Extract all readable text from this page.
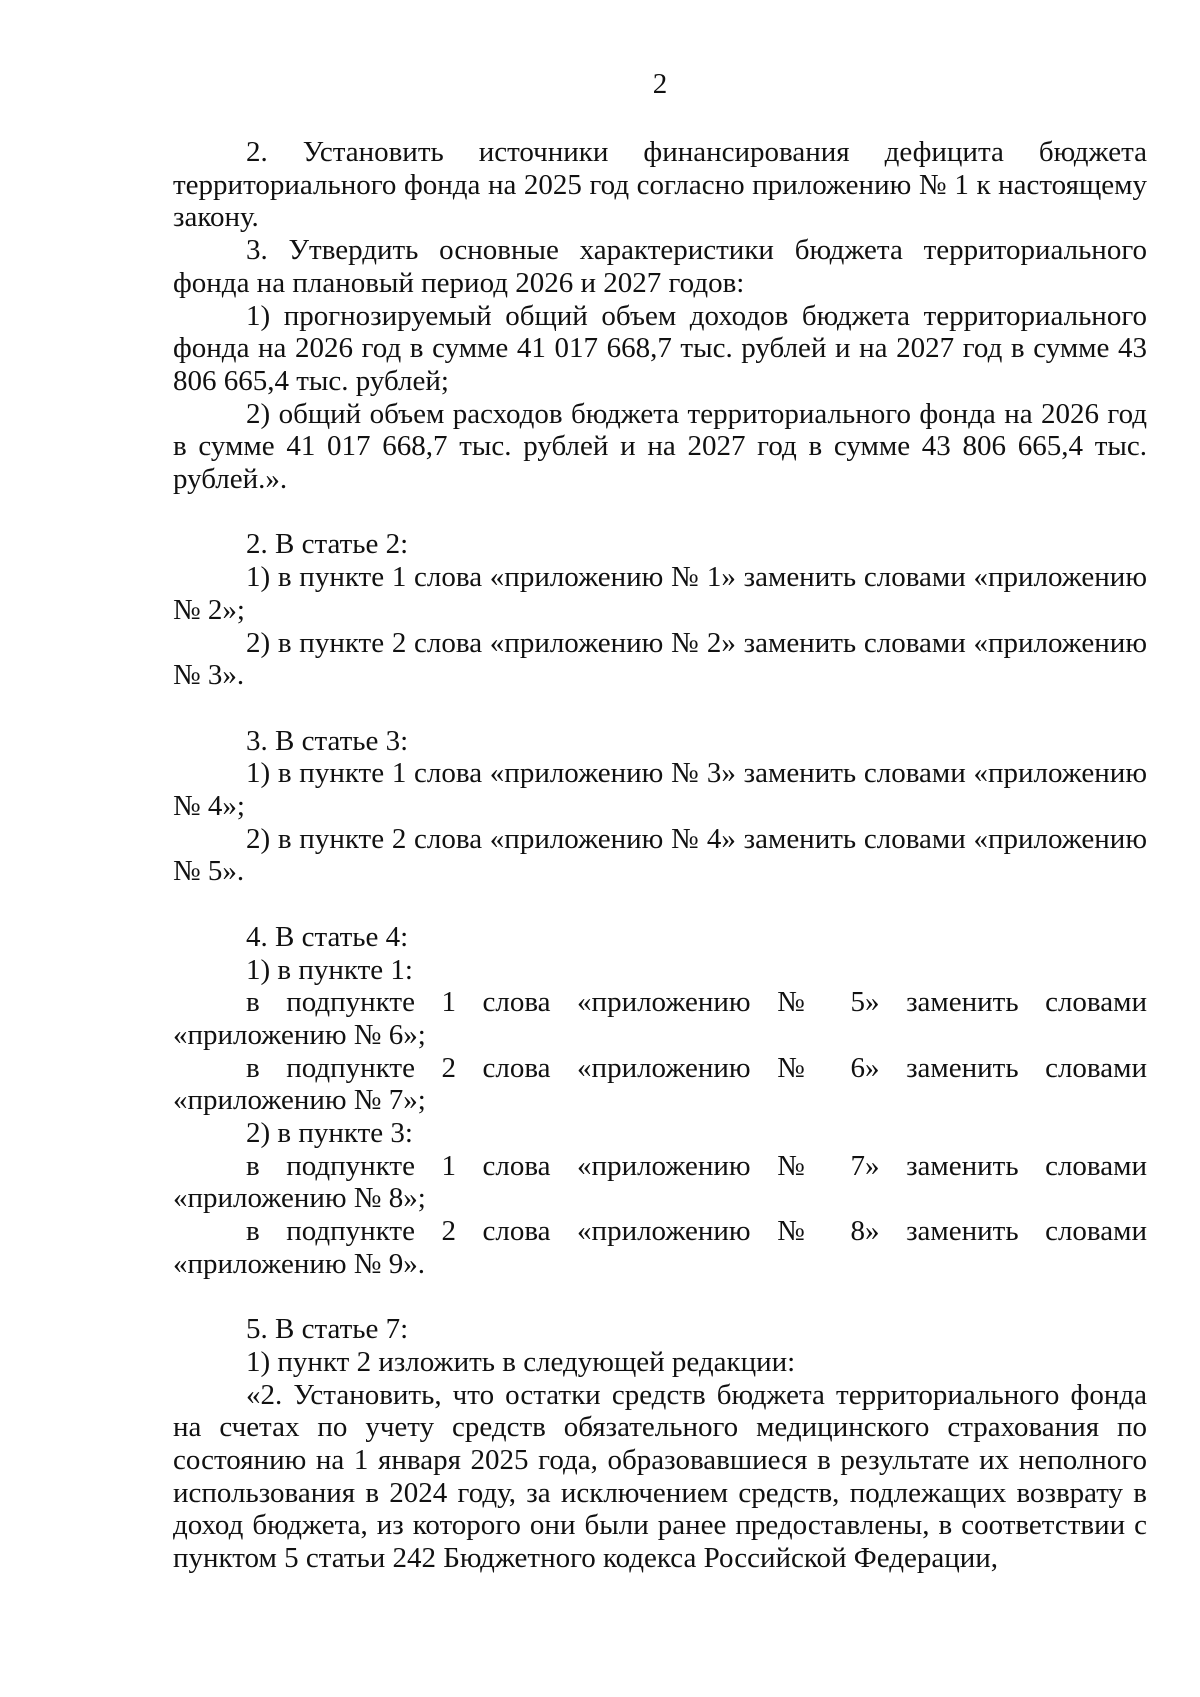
2

2. Установить источники финансирования дефицита бюджета территориального фонда на 2025 год согласно приложению № 1 к настоящему закону.

3. Утвердить основные характеристики бюджета территориального фонда на плановый период 2026 и 2027 годов:

1) прогнозируемый общий объем доходов бюджета территориального фонда на 2026 год в сумме 41 017 668,7 тыс. рублей и на 2027 год в сумме 43 806 665,4 тыс. рублей;

2) общий объем расходов бюджета территориального фонда на 2026 год в сумме 41 017 668,7 тыс. рублей и на 2027 год в сумме 43 806 665,4 тыс. рублей.».

2. В статье 2:

1) в пункте 1 слова «приложению № 1» заменить словами «приложению № 2»;

2) в пункте 2 слова «приложению № 2» заменить словами «приложению № 3».

3. В статье 3:

1) в пункте 1 слова «приложению № 3» заменить словами «приложению № 4»;

2) в пункте 2 слова «приложению № 4» заменить словами «приложению № 5».

4. В статье 4:

1) в пункте 1:

в подпункте 1 слова «приложению № 5» заменить словами «приложению № 6»;

в подпункте 2 слова «приложению № 6» заменить словами «приложению № 7»;

2) в пункте 3:

в подпункте 1 слова «приложению № 7» заменить словами «приложению № 8»;

в подпункте 2 слова «приложению № 8» заменить словами «приложению № 9».

5. В статье 7:

1) пункт 2 изложить в следующей редакции:

«2. Установить, что остатки средств бюджета территориального фонда на счетах по учету средств обязательного медицинского страхования по состоянию на 1 января 2025 года, образовавшиеся в результате их неполного использования в 2024 году, за исключением средств, подлежащих возврату в доход бюджета, из которого они были ранее предоставлены, в соответствии с пунктом 5 статьи 242 Бюджетного кодекса Российской Федерации,
